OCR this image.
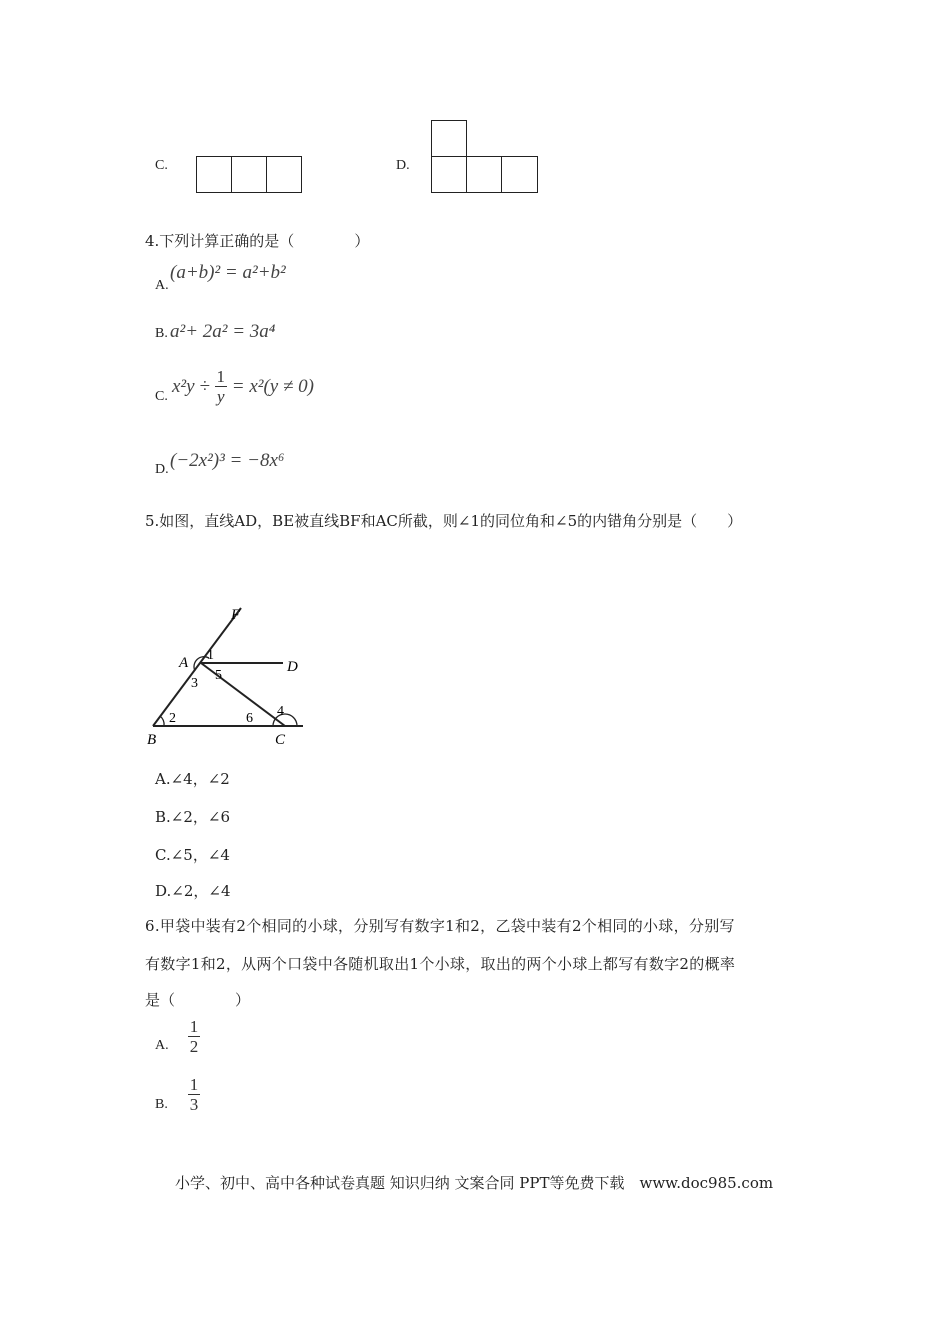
C.	D.
4.下列计算正确的是（　　　　）
A.
(a+b)² = a²+b²
B. a²+ 2a² = 3a⁴
C. $x^2y \div \frac{1}{y} = x^2(y \ne 0)$
D. (−2x²)³ = −8x⁶
5.如图，直线AD，BE被直线BF和AC所截，则∠1的同位角和∠5的内错角分别是（　　）
F
A	D
B	C
1
3
5
2	6 4
A.∠4，∠2
B.∠2，∠6
C.∠5，∠4
D.∠2，∠4
6.甲袋中装有2个相同的小球，分别写有数字1和2，乙袋中装有2个相同的小球，分别写
有数字1和2，从两个口袋中各随机取出1个小球，取出的两个小球上都写有数字2的概率
是（　　　　）
A.
1
2
B.
1
3
小学、初中、高中各种试卷真题 知识归纳 文案合同 PPT等免费下载　www.doc985.com
